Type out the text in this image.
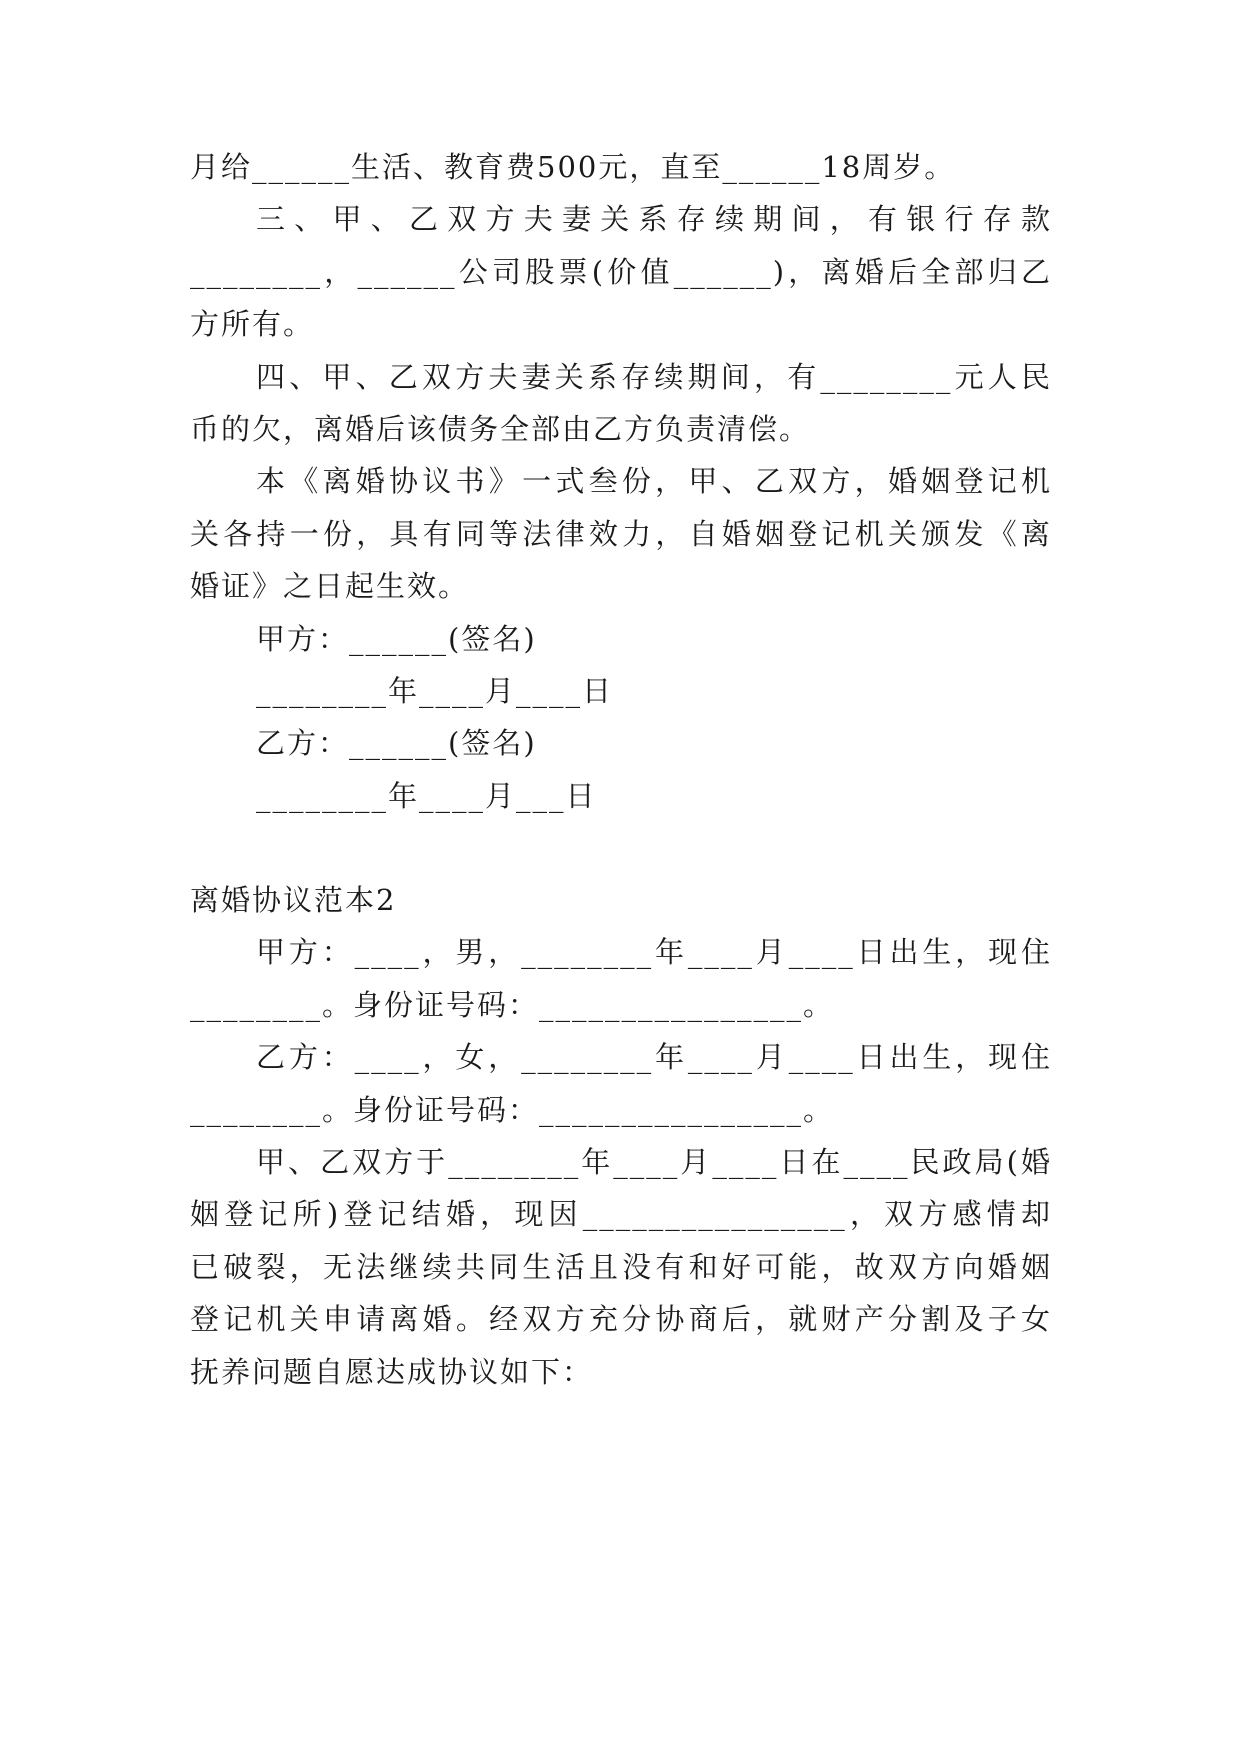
月给______生活、教育费500元，直至______18周岁。
三、甲、乙双方夫妻关系存续期间，有银行存款
________，______公司股票(价值______)，离婚后全部归乙
方所有。
四、甲、乙双方夫妻关系存续期间，有________元人民
币的欠，离婚后该债务全部由乙方负责清偿。
本《离婚协议书》一式叁份，甲、乙双方，婚姻登记机
关各持一份，具有同等法律效力，自婚姻登记机关颁发《离
婚证》之日起生效。
甲方：______(签名)
________年____月____日
乙方：______(签名)
________年____月___日
离婚协议范本2
甲方：____，男，________年____月____日出生，现住
________。身份证号码：________________。
乙方：____，女，________年____月____日出生，现住
________。身份证号码：________________。
甲、乙双方于________年____月____日在____民政局(婚
姻登记所)登记结婚，现因________________，双方感情却
已破裂，无法继续共同生活且没有和好可能，故双方向婚姻
登记机关申请离婚。经双方充分协商后，就财产分割及子女
抚养问题自愿达成协议如下：
